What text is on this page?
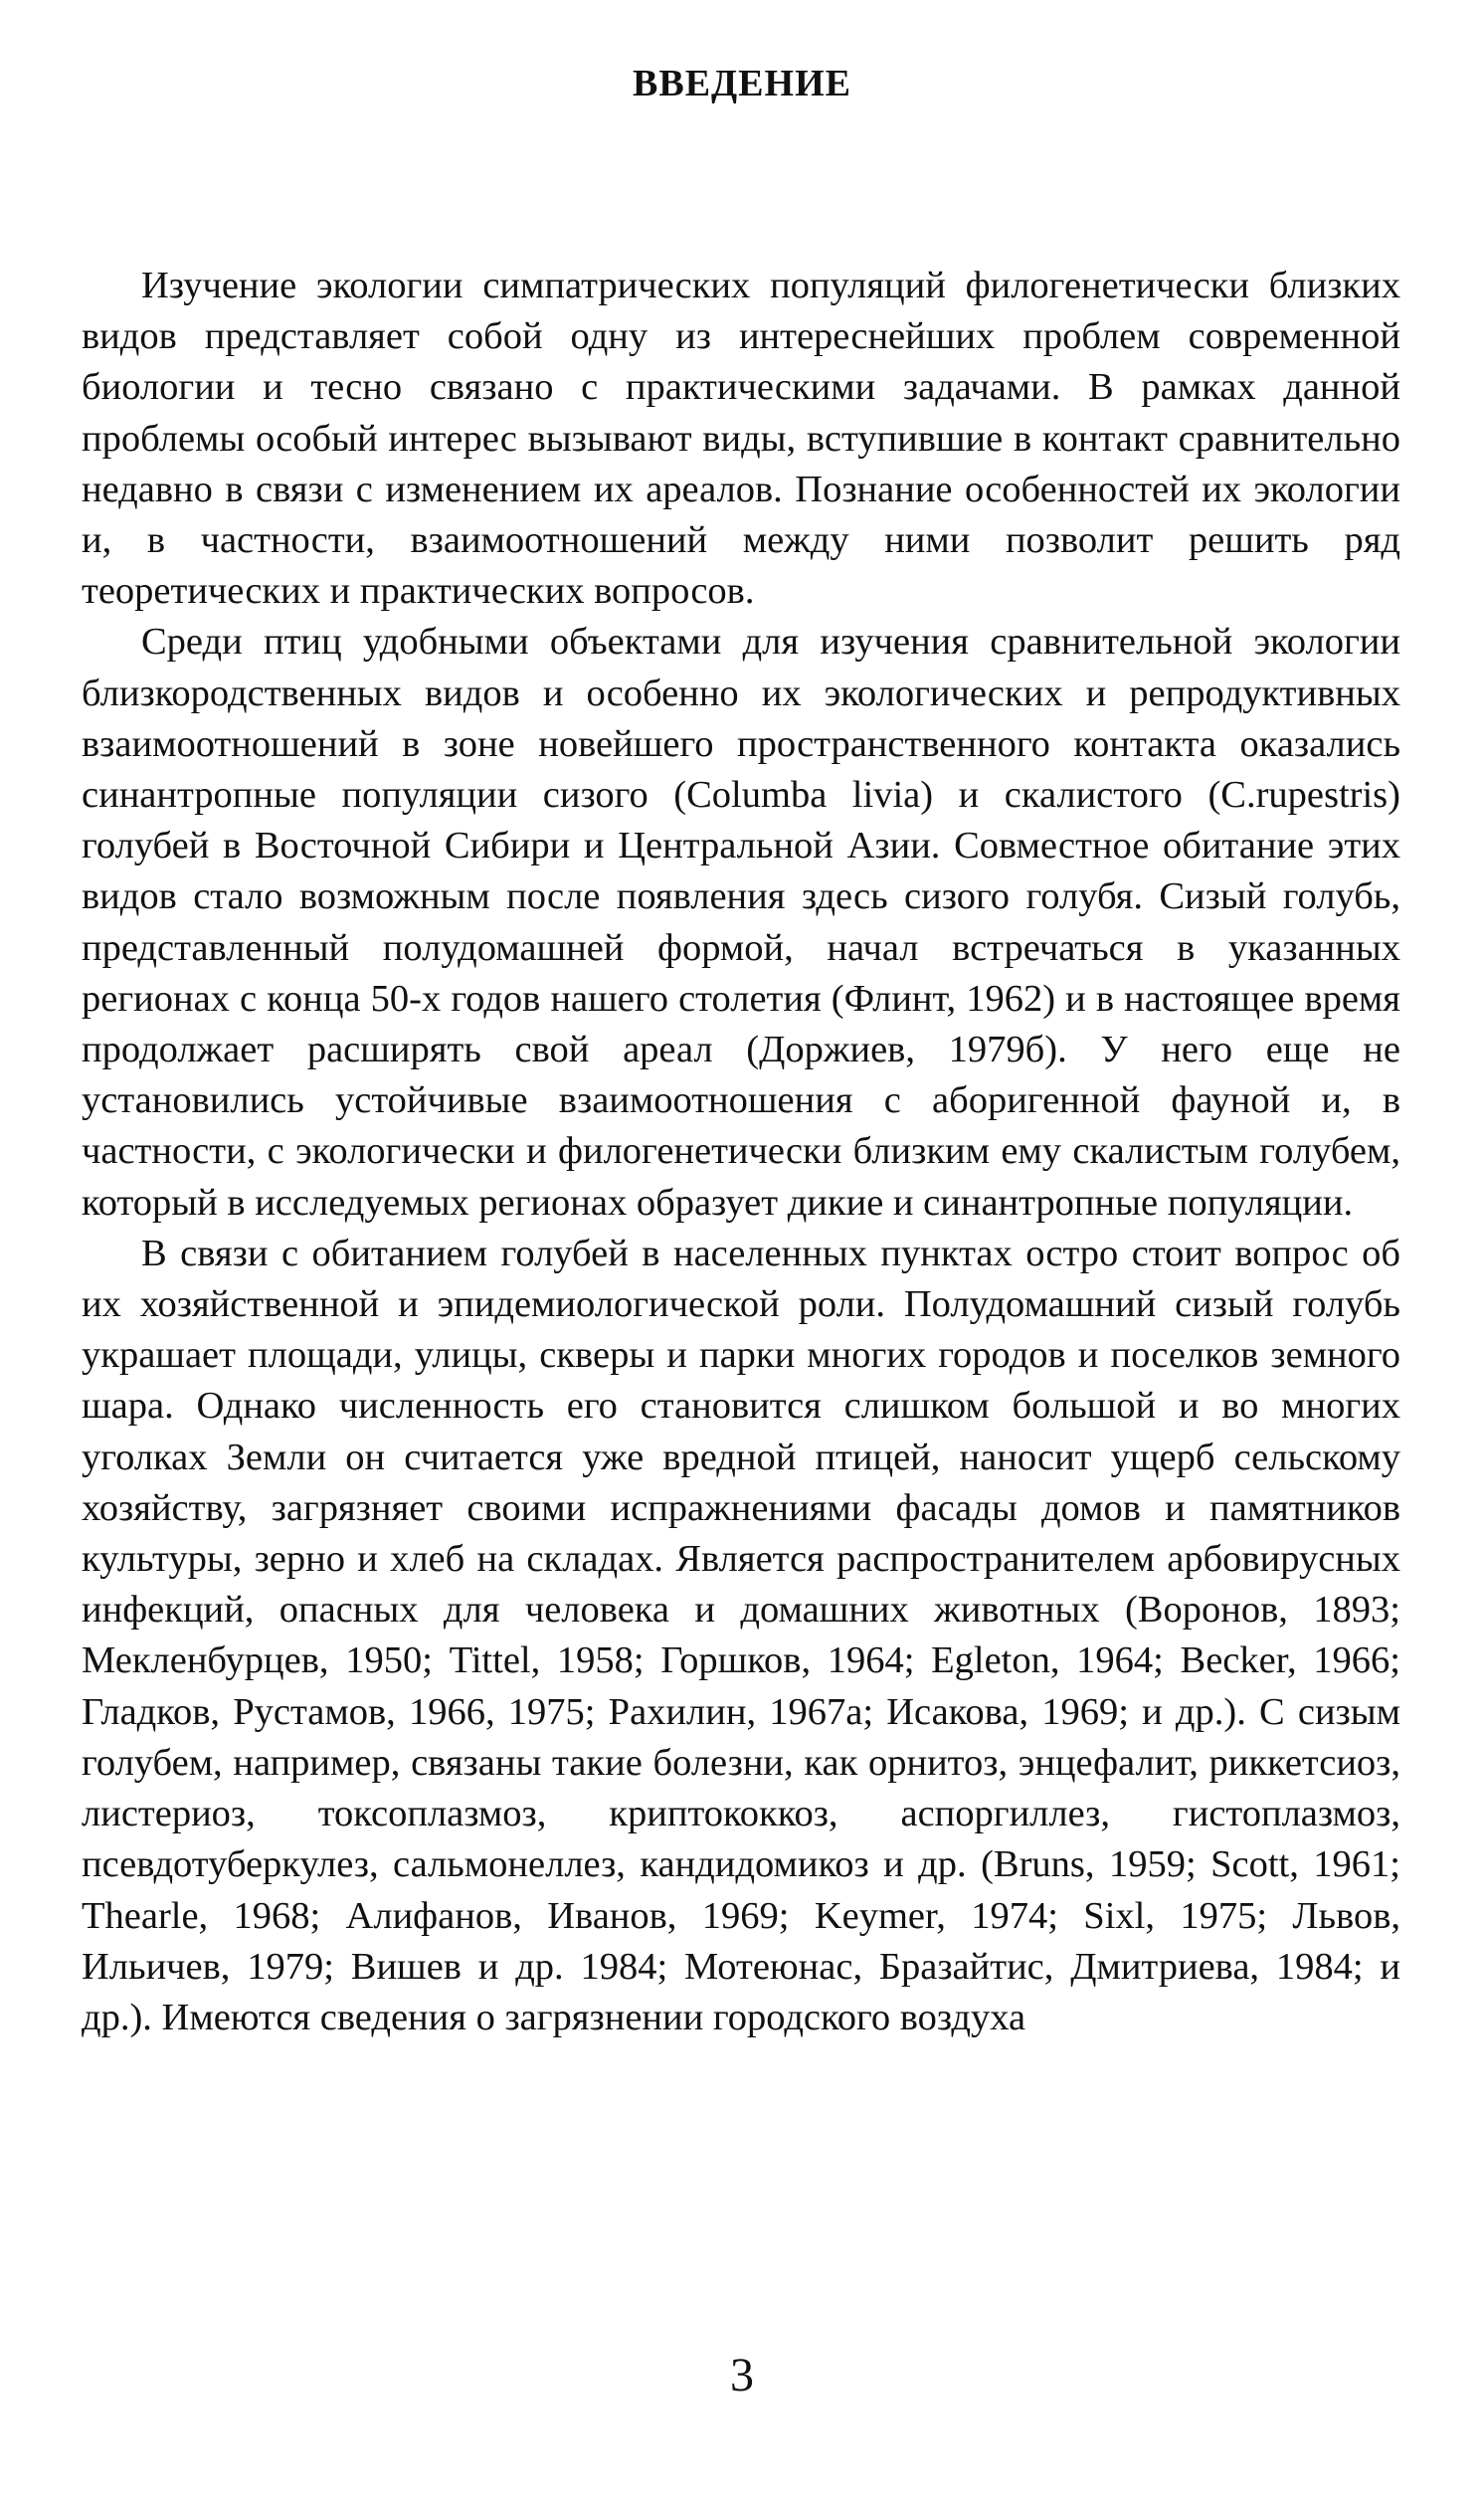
ВВЕДЕНИЕ

Изучение экологии симпатрических популяций филогенетически близких видов представляет собой одну из интереснейших проблем современной биологии и тесно связано с практическими задачами. В рамках данной проблемы особый интерес вызывают виды, вступившие в контакт сравнительно недавно в связи с изменением их ареалов. Познание особенностей их экологии и, в частности, взаимоотношений между ними позволит решить ряд теоретических и практических вопросов.

Среди птиц удобными объектами для изучения сравнительной экологии близкородственных видов и особенно их экологических и репродуктивных взаимоотношений в зоне новейшего пространственного контакта оказались синантропные популяции сизого (Columba livia) и скалистого (C.rupestris) голубей в Восточной Сибири и Центральной Азии. Совместное обитание этих видов стало возможным после появления здесь сизого голубя. Сизый голубь, представленный полудомашней формой, начал встречаться в указанных регионах с конца 50-х годов нашего столетия (Флинт, 1962) и в настоящее время продолжает расширять свой ареал (Доржиев, 1979б). У него еще не установились устойчивые взаимоотношения с аборигенной фауной и, в частности, с экологически и филогенетически близким ему скалистым голубем, который в исследуемых регионах образует дикие и синантропные популяции.

В связи с обитанием голубей в населенных пунктах остро стоит вопрос об их хозяйственной и эпидемиологической роли. Полудомашний сизый голубь украшает площади, улицы, скверы и парки многих городов и поселков земного шара. Однако численность его становится слишком большой и во многих уголках Земли он считается уже вредной птицей, наносит ущерб сельскому хозяйству, загрязняет своими испражнениями фасады домов и памятников культуры, зерно и хлеб на складах. Является распространителем арбовирусных инфекций, опасных для человека и домашних животных (Воронов, 1893; Мекленбурцев, 1950; Tittel, 1958; Горшков, 1964; Egleton, 1964; Becker, 1966; Гладков, Рустамов, 1966, 1975; Рахилин, 1967а; Исакова, 1969; и др.). С сизым голубем, например, связаны такие болезни, как орнитоз, энцефалит, риккетсиоз, листериоз, токсоплазмоз, криптококкоз, аспоргиллез, гистоплазмоз, псевдотуберкулез, сальмонеллез, кандидомикоз и др. (Bruns, 1959; Scott, 1961; Thearle, 1968; Алифанов, Иванов, 1969; Keymer, 1974; Sixl, 1975; Львов, Ильичев, 1979; Вишев и др. 1984; Мотеюнас, Бразайтис, Дмитриева, 1984; и др.). Имеются сведения о загрязнении городского воздуха

3
